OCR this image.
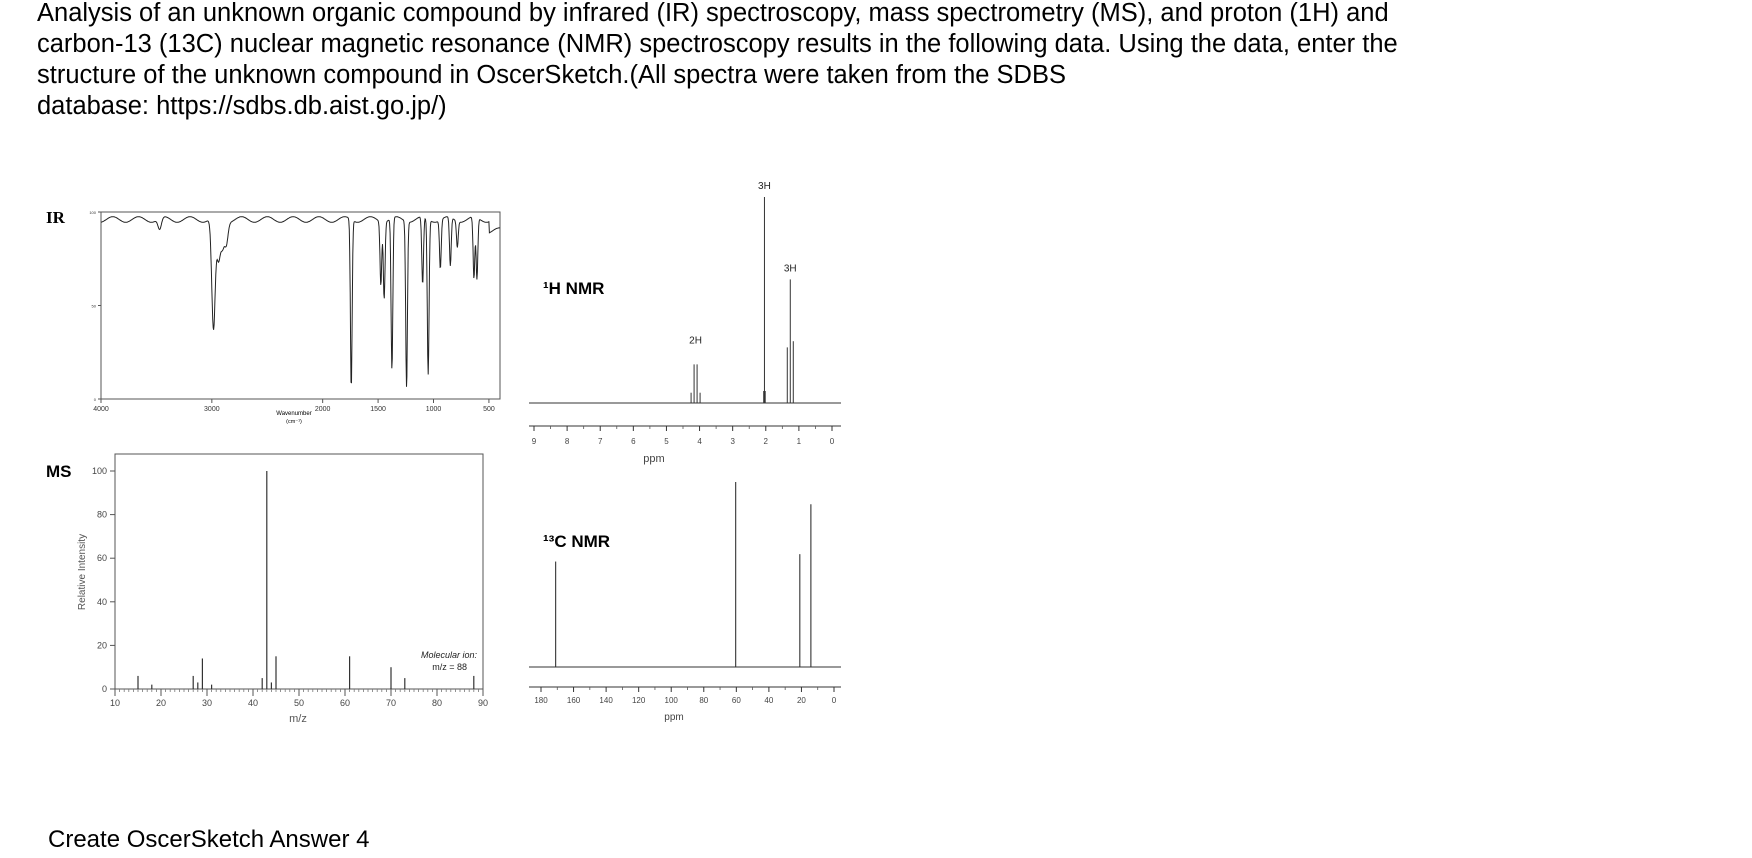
Analysis of an unknown organic compound by infrared (IR) spectroscopy, mass spectrometry (MS), and proton (1H) and
carbon-13 (13C) nuclear magnetic resonance (NMR) spectroscopy results in the following data. Using the data, enter the
structure of the unknown compound in OscerSketch.(All spectra were taken from the SDBS
database: https://sdbs.db.aist.go.jp/)

IR
4000	3000	2000	1500	1000	500
0
50
100
Wavenumber
(cm⁻¹)
MS
Relative Intensity
m/z
10	20	30	40	50	60	70	80	90
0
20
40
60
80
100
Molecular ion:
m/z = 88
¹H NMR
9	8	7	6	5	4	3	2	1	0
ppm
2H
3H
3H
¹³C NMR
180 160 140 120 100	80	60	40	20	0
ppm
Create OscerSketch Answer 4
